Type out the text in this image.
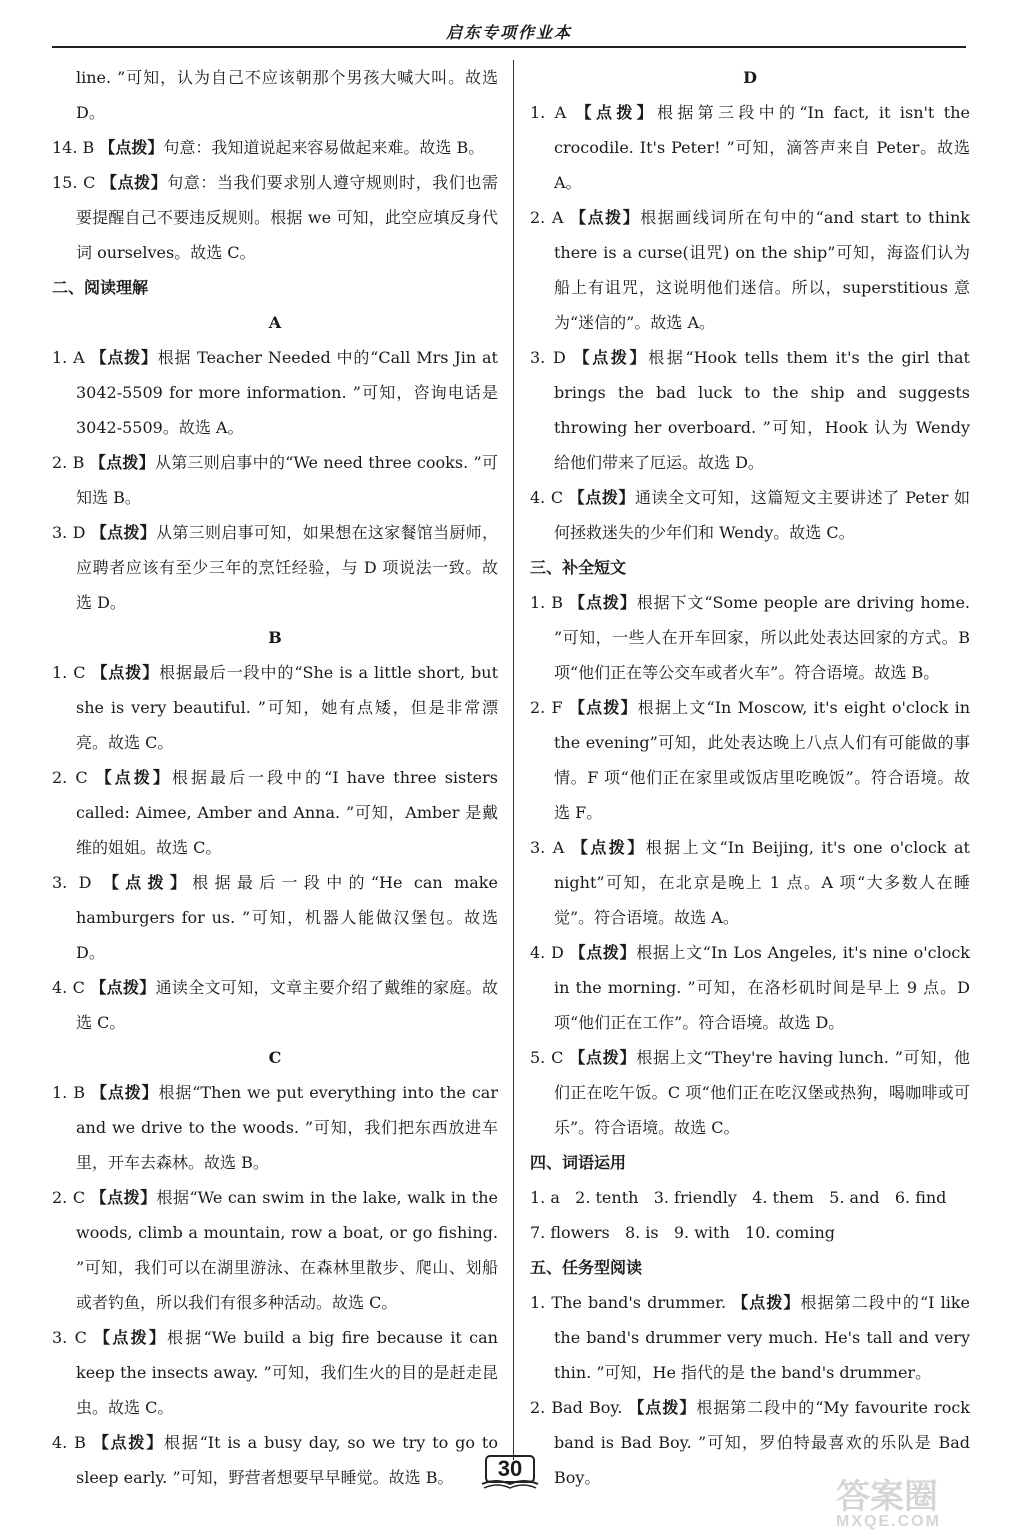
启东专项作业本

line. ”可知，认为自己不应该朝那个男孩大喊大叫。故选 D。

14. B 【点拨】句意：我知道说起来容易做起来难。故选 B。

15. C 【点拨】句意：当我们要求别人遵守规则时，我们也需要提醒自己不要违反规则。根据 we 可知，此空应填反身代词 ourselves。故选 C。

二、阅读理解

A

1. A 【点拨】根据 Teacher Needed 中的“Call Mrs Jin at 3042-5509 for more information. ”可知，咨询电话是 3042-5509。故选 A。

2. B 【点拨】从第三则启事中的“We need three cooks. ”可知选 B。

3. D 【点拨】从第三则启事可知，如果想在这家餐馆当厨师，应聘者应该有至少三年的烹饪经验，与 D 项说法一致。故选 D。

B

1. C 【点拨】根据最后一段中的“She is a little short, but she is very beautiful. ”可知，她有点矮，但是非常漂亮。故选 C。

2. C 【点拨】根据最后一段中的“I have three sisters called: Aimee, Amber and Anna. ”可知，Amber 是戴维的姐姐。故选 C。

3. D 【点拨】根据最后一段中的“He can make hamburgers for us. ”可知，机器人能做汉堡包。故选 D。

4. C 【点拨】通读全文可知，文章主要介绍了戴维的家庭。故选 C。

C

1. B 【点拨】根据“Then we put everything into the car and we drive to the woods. ”可知，我们把东西放进车里，开车去森林。故选 B。

2. C 【点拨】根据“We can swim in the lake, walk in the woods, climb a mountain, row a boat, or go fishing. ”可知，我们可以在湖里游泳、在森林里散步、爬山、划船或者钓鱼，所以我们有很多种活动。故选 C。

3. C 【点拨】根据“We build a big fire because it can keep the insects away. ”可知，我们生火的目的是赶走昆虫。故选 C。

4. B 【点拨】根据“It is a busy day, so we try to go to sleep early. ”可知，野营者想要早早睡觉。故选 B。

D

1. A 【点拨】根据第三段中的“In fact, it isn't the crocodile. It's Peter! ”可知，滴答声来自 Peter。故选 A。

2. A 【点拨】根据画线词所在句中的“and start to think there is a curse(诅咒) on the ship”可知，海盗们认为船上有诅咒，这说明他们迷信。所以，superstitious 意为“迷信的”。故选 A。

3. D 【点拨】根据“Hook tells them it's the girl that brings the bad luck to the ship and suggests throwing her overboard. ”可知，Hook 认为 Wendy 给他们带来了厄运。故选 D。

4. C 【点拨】通读全文可知，这篇短文主要讲述了 Peter 如何拯救迷失的少年们和 Wendy。故选 C。

三、补全短文

1. B 【点拨】根据下文“Some people are driving home. ”可知，一些人在开车回家，所以此处表达回家的方式。B 项“他们正在等公交车或者火车”。符合语境。故选 B。

2. F 【点拨】根据上文“In Moscow, it's eight o'clock in the evening”可知，此处表达晚上八点人们有可能做的事情。F 项“他们正在家里或饭店里吃晚饭”。符合语境。故选 F。

3. A 【点拨】根据上文“In Beijing, it's one o'clock at night”可知，在北京是晚上 1 点。A 项“大多数人在睡觉”。符合语境。故选 A。

4. D 【点拨】根据上文“In Los Angeles, it's nine o'clock in the morning. ”可知，在洛杉矶时间是早上 9 点。D 项“他们正在工作”。符合语境。故选 D。

5. C 【点拨】根据上文“They're having lunch. ”可知，他们正在吃午饭。C 项“他们正在吃汉堡或热狗，喝咖啡或可乐”。符合语境。故选 C。

四、词语运用

1. a   2. tenth   3. friendly   4. them   5. and   6. find

7. flowers   8. is   9. with   10. coming

五、任务型阅读

1. The band's drummer. 【点拨】根据第二段中的“I like the band's drummer very much. He's tall and very thin. ”可知，He 指代的是 the band's drummer。

2. Bad Boy. 【点拨】根据第二段中的“My favourite rock band is Bad Boy. ”可知，罗伯特最喜欢的乐队是 Bad Boy。

30
答案圈
MXQE.COM
